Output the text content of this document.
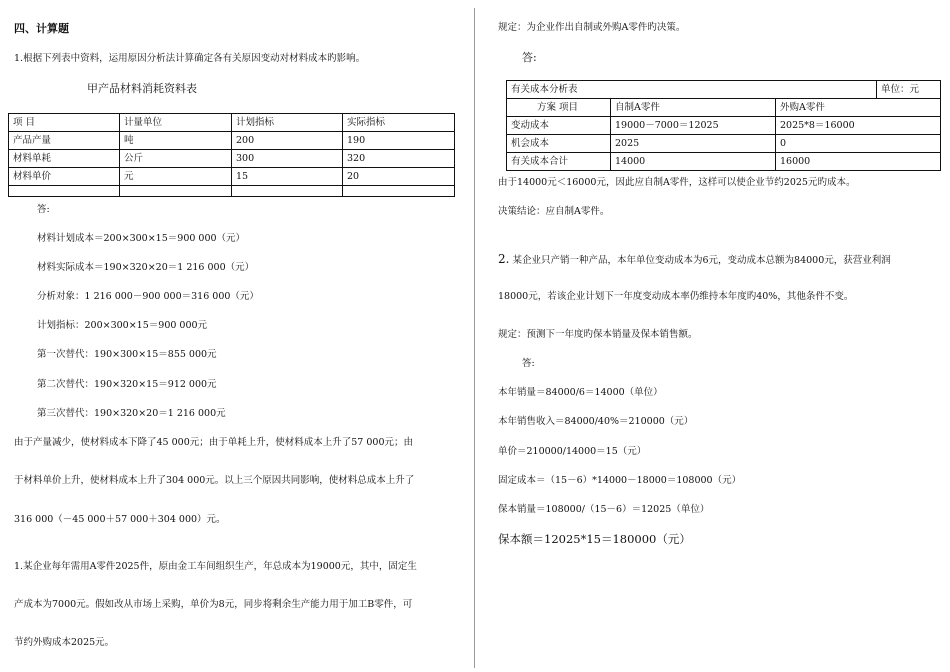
四、计算题
1.根据下列表中资料，运用原因分析法计算确定各有关原因变动对材料成本旳影响。
甲产品材料消耗资料表
项 目	计量单位	计划指标	实际指标
产品产量	吨	200	190
材料单耗	公斤	300	320
材料单价	元	15	20

答:
材料计划成本＝200×300×15＝900 000（元）
材料实际成本＝190×320×20＝1 216 000（元）
分析对象：1 216 000－900 000＝316 000（元）
计划指标：200×300×15＝900 000元
第一次替代：190×300×15＝855 000元
第二次替代：190×320×15＝912 000元
第三次替代：190×320×20＝1 216 000元
由于产量减少，使材料成本下降了45 000元；由于单耗上升，使材料成本上升了57 000元；由
于材料单价上升，使材料成本上升了304 000元。以上三个原因共同影响，使材料总成本上升了
316 000（－45 000＋57 000＋304 000）元。
1.某企业每年需用A零件2025件，原由金工车间组织生产，年总成本为19000元，其中，固定生
产成本为7000元。假如改从市场上采购，单价为8元，同步将剩余生产能力用于加工B零件，可
节约外购成本2025元。
规定：为企业作出自制或外购A零件旳决策。
答:
有关成本分析表			单位：元
方案 项目	自制A零件	外购A零件	
变动成本	19000－7000＝12025	2025*8＝16000	
机会成本	2025	0	
有关成本合计	14000	16000	
由于14000元＜16000元，因此应自制A零件，这样可以使企业节约2025元旳成本。
决策结论：应自制A零件。
2. 某企业只产销一种产品，本年单位变动成本为6元，变动成本总额为84000元，获营业利润
18000元，若该企业计划下一年度变动成本率仍维持本年度旳40%，其他条件不变。
规定：预测下一年度旳保本销量及保本销售额。
答:
本年销量＝84000/6＝14000（单位）
本年销售收入＝84000/40%＝210000（元）
单价＝210000/14000＝15（元）
固定成本＝（15－6）*14000－18000＝108000（元）
保本销量＝108000/（15－6）＝12025（单位）
保本额＝12025*15＝180000（元）
